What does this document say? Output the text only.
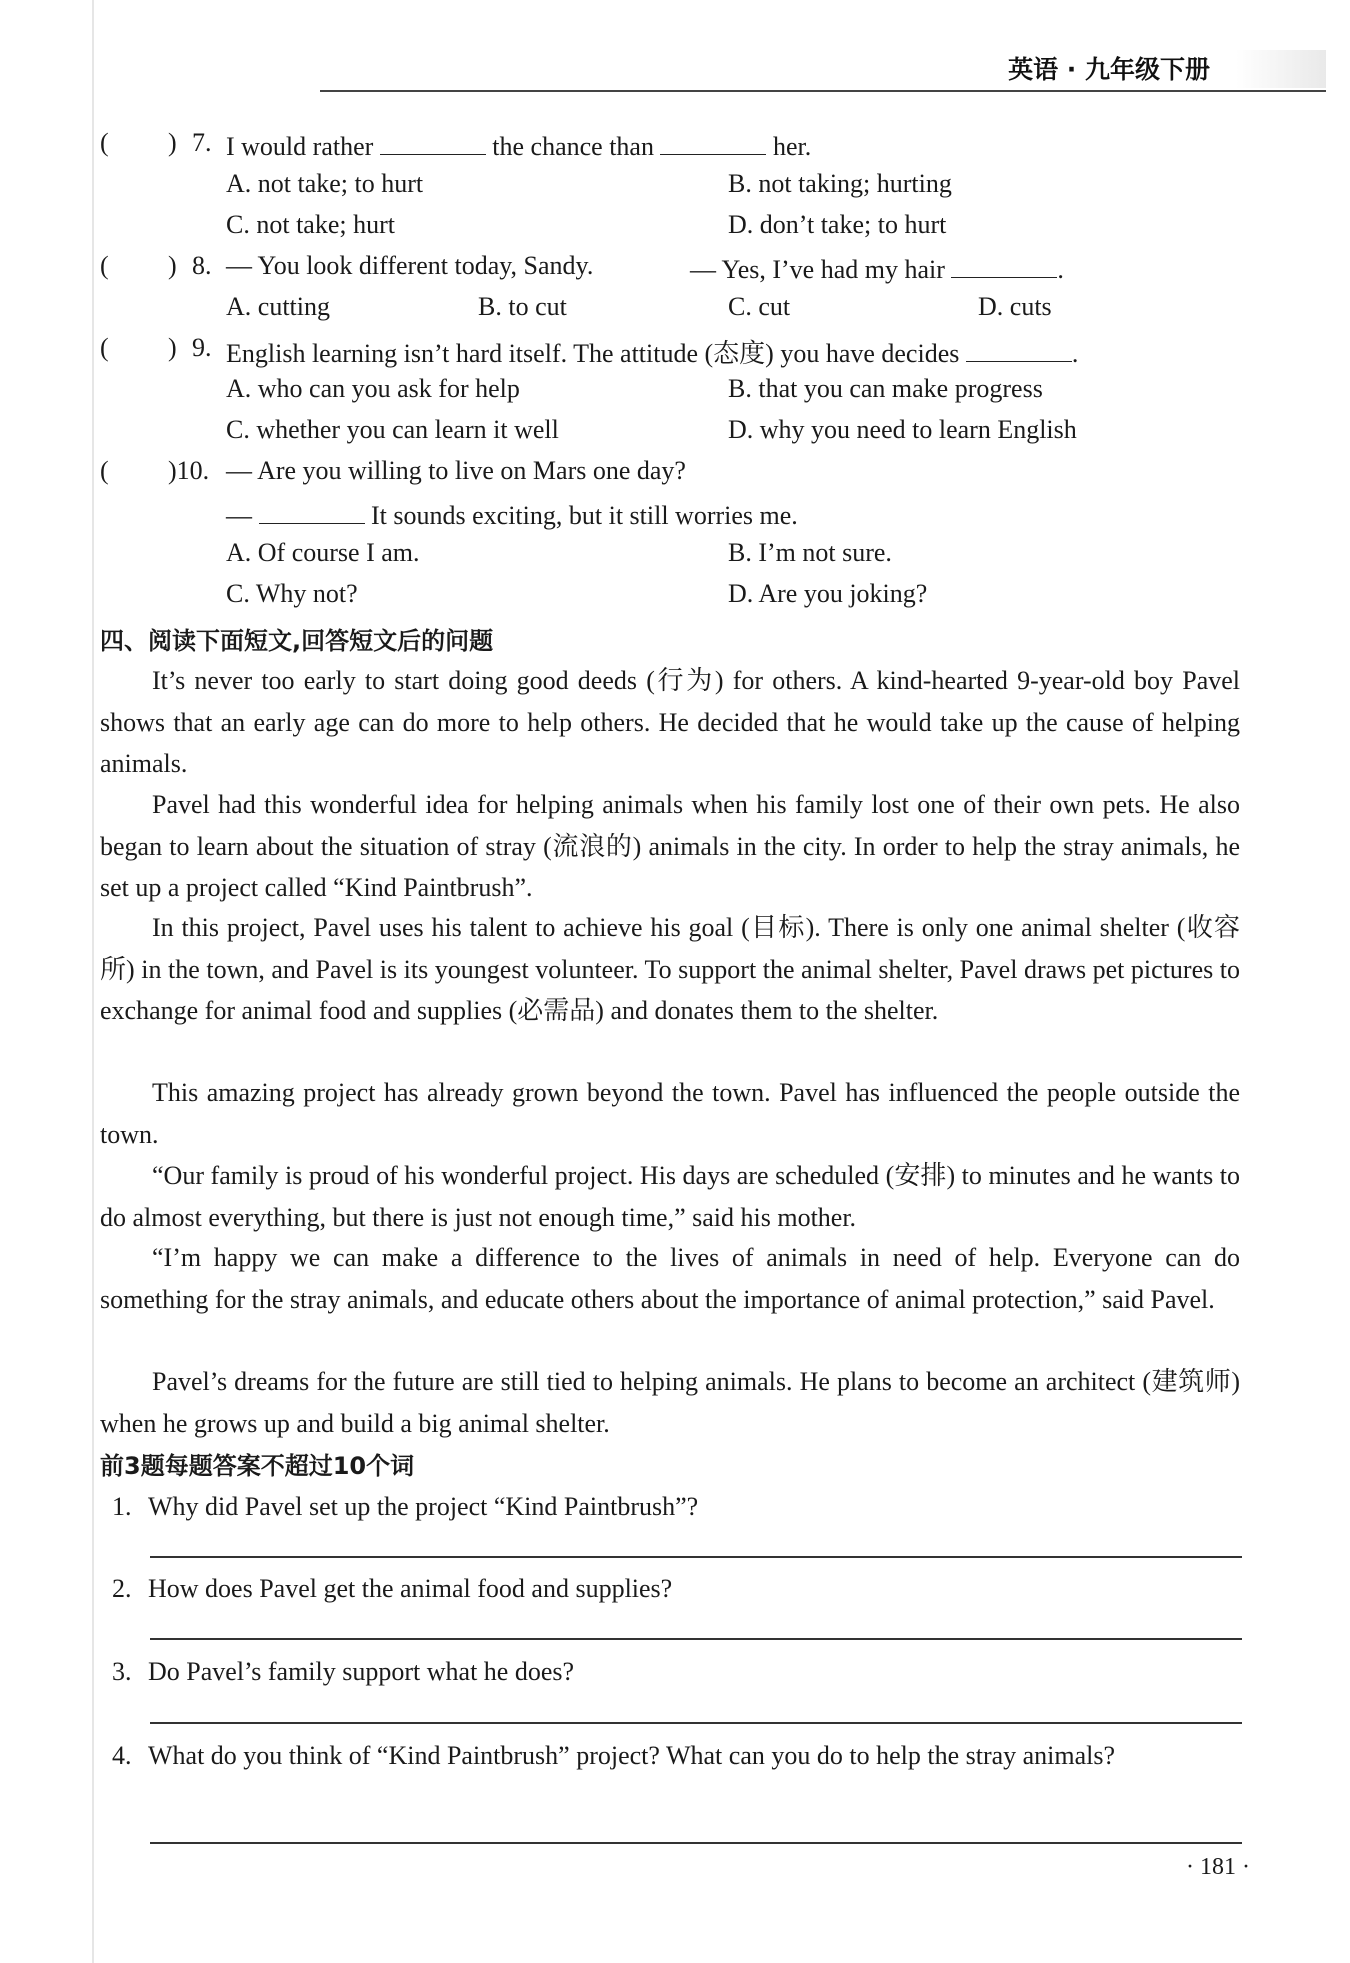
英语 · 九年级下册
( ) 7. I would rather	the chance than	her.
A. not take; to hurt	B. not taking; hurting
C. not take; hurt	D. don’t take; to hurt
( ) 8. — You look different today, Sandy.	— Yes, I’ve had my hair	.
A. cutting	B. to cut	C. cut	D. cuts
( ) 9. English learning isn’t hard itself. The attitude (态度) you have decides	.
A. who can you ask for help	B. that you can make progress
C. whether you can learn it well	D. why you need to learn English
( )10. — Are you willing to live on Mars one day?
—	It sounds exciting, but it still worries me.
A. Of course I am.	B. I’m not sure.
C. Why not?	D. Are you joking?
四、阅读下面短文,回答短文后的问题

It’s never too early to start doing good deeds (行为) for others. A kind-hearted 9-year-old boy Pavel shows that an early age can do more to help others. He decided that he would take up the cause of helping animals.

Pavel had this wonderful idea for helping animals when his family lost one of their own pets. He also began to learn about the situation of stray (流浪的) animals in the city. In order to help the stray animals, he set up a project called “Kind Paintbrush”.

In this project, Pavel uses his talent to achieve his goal (目标). There is only one animal shelter (收容所) in the town, and Pavel is its youngest volunteer. To support the animal shelter, Pavel draws pet pictures to exchange for animal food and supplies (必需品) and donates them to the shelter.

This amazing project has already grown beyond the town. Pavel has influenced the people outside the town.

“Our family is proud of his wonderful project. His days are scheduled (安排) to minutes and he wants to do almost everything, but there is just not enough time,” said his mother.

“I’m happy we can make a difference to the lives of animals in need of help. Everyone can do something for the stray animals, and educate others about the importance of animal protection,” said Pavel.

Pavel’s dreams for the future are still tied to helping animals. He plans to become an architect (建筑师) when he grows up and build a big animal shelter.

前3题每题答案不超过10个词

1. Why did Pavel set up the project “Kind Paintbrush”?

2. How does Pavel get the animal food and supplies?

3. Do Pavel’s family support what he does?

4. What do you think of “Kind Paintbrush” project? What can you do to help the stray animals?
· 181 ·
